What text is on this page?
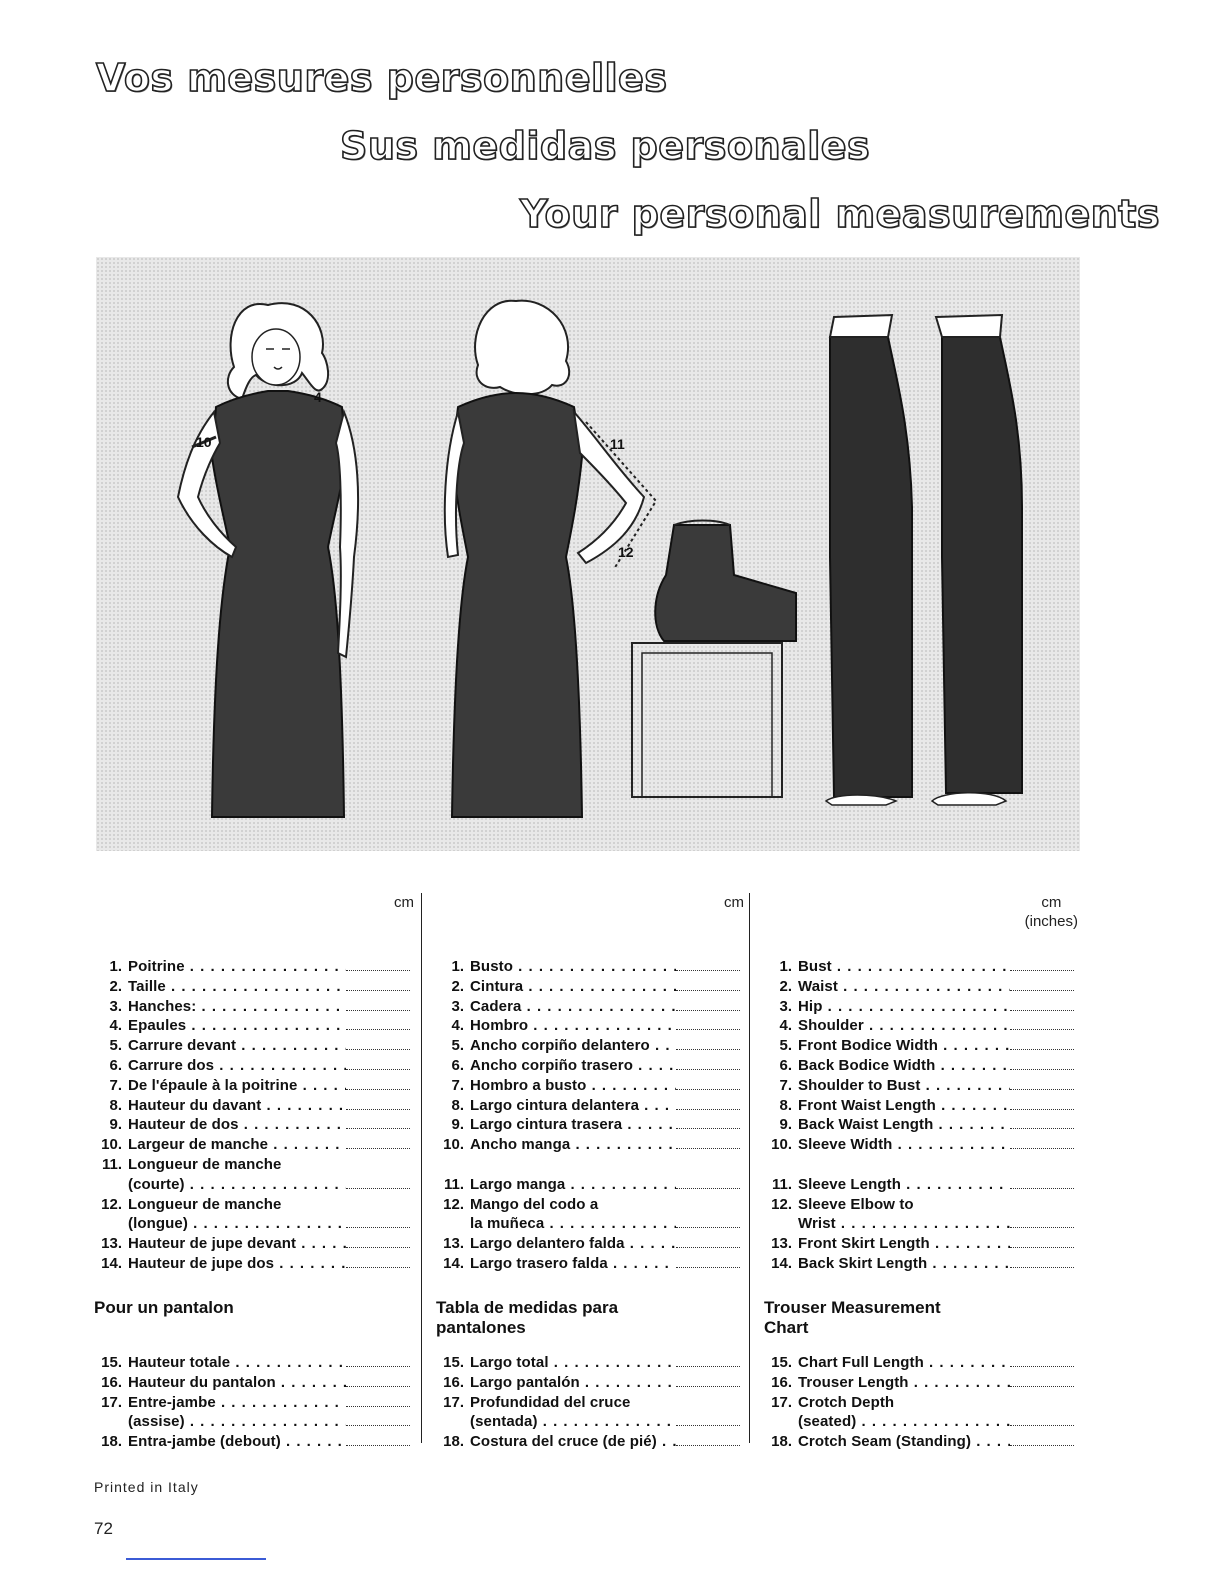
Vos mesures personnelles
Sus medidas personales
Your personal measurements
10
4
11
12
cm
1. Poitrine . . .
2. Taille . . .
3. Hanches: . . .
4. Epaules . . .
5. Carrure devant . . .
6. Carrure dos . . .
7. De l'épaule à la poitrine . . .
8. Hauteur du davant . . .
9. Hauteur de dos . . .
10. Largeur de manche . . .
11. Longueur de manche
(courte) . . .
12. Longueur de manche
(longue) . . .
13. Hauteur de jupe devant . . .
14. Hauteur de jupe dos . . .
Pour un pantalon
15. Hauteur totale . . .
16. Hauteur du pantalon . . .
17. Entre-jambe . . .
(assise) . . .
18. Entra-jambe (debout) . . .
cm
1. Busto . . .
2. Cintura . . .
3. Cadera . . .
4. Hombro . . .
5. Ancho corpiño delantero . . .
6. Ancho corpiño trasero . . .
7. Hombro a busto . . .
8. Largo cintura delantera . . .
9. Largo cintura trasera . . .
10. Ancho manga . . .
11. Largo manga . . .
12. Mango del codo a
la muñeca . . .
13. Largo delantero falda . . .
14. Largo trasero falda . . .
Tabla de medidas para
pantalones
15. Largo total . . .
16. Largo pantalón . . .
17. Profundidad del cruce
(sentada) . . .
18. Costura del cruce (de pié) . . .
cm
(inches)
1. Bust . . .
2. Waist . . .
3. Hip . . .
4. Shoulder . . .
5. Front Bodice Width . . .
6. Back Bodice Width . . .
7. Shoulder to Bust . . .
8. Front Waist Length . . .
9. Back Waist Length . . .
10. Sleeve Width . . .
11. Sleeve Length . . .
12. Sleeve Elbow to
Wrist . . .
13. Front Skirt Length . . .
14. Back Skirt Length . . .
Trouser Measurement
Chart
15. Chart Full Length . . .
16. Trouser Length . . .
17. Crotch Depth
(seated) . . .
18. Crotch Seam (Standing) . . .
Printed in Italy
72
